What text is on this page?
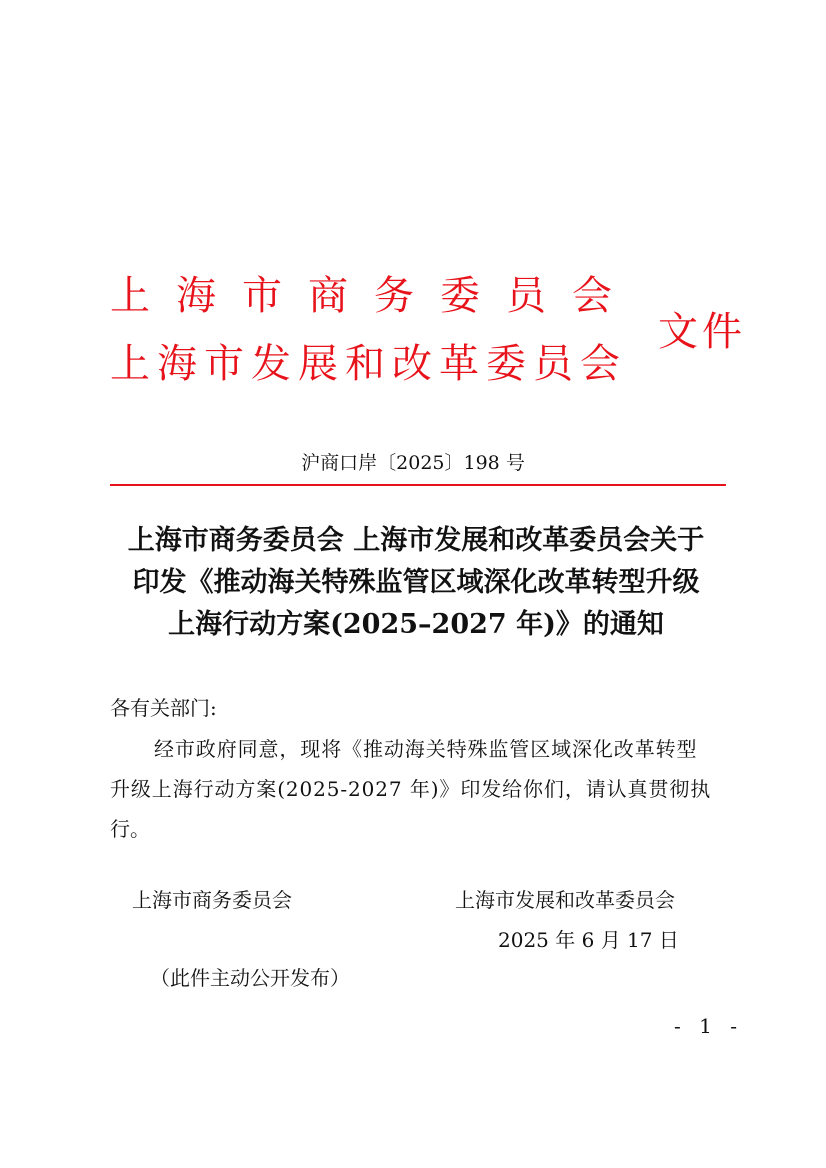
上海市商务委员会
上海市发展和改革委员会
文件
沪商口岸〔2025〕198 号
上海市商务委员会 上海市发展和改革委员会关于
印发《推动海关特殊监管区域深化改革转型升级
上海行动方案(2025–2027 年)》的通知
各有关部门:
经市政府同意，现将《推动海关特殊监管区域深化改革转型
升级上海行动方案(2025-2027 年)》印发给你们，请认真贯彻执
行。
上海市商务委员会	上海市发展和改革委员会
2025 年 6 月 17 日
（此件主动公开发布）
- 1 -
